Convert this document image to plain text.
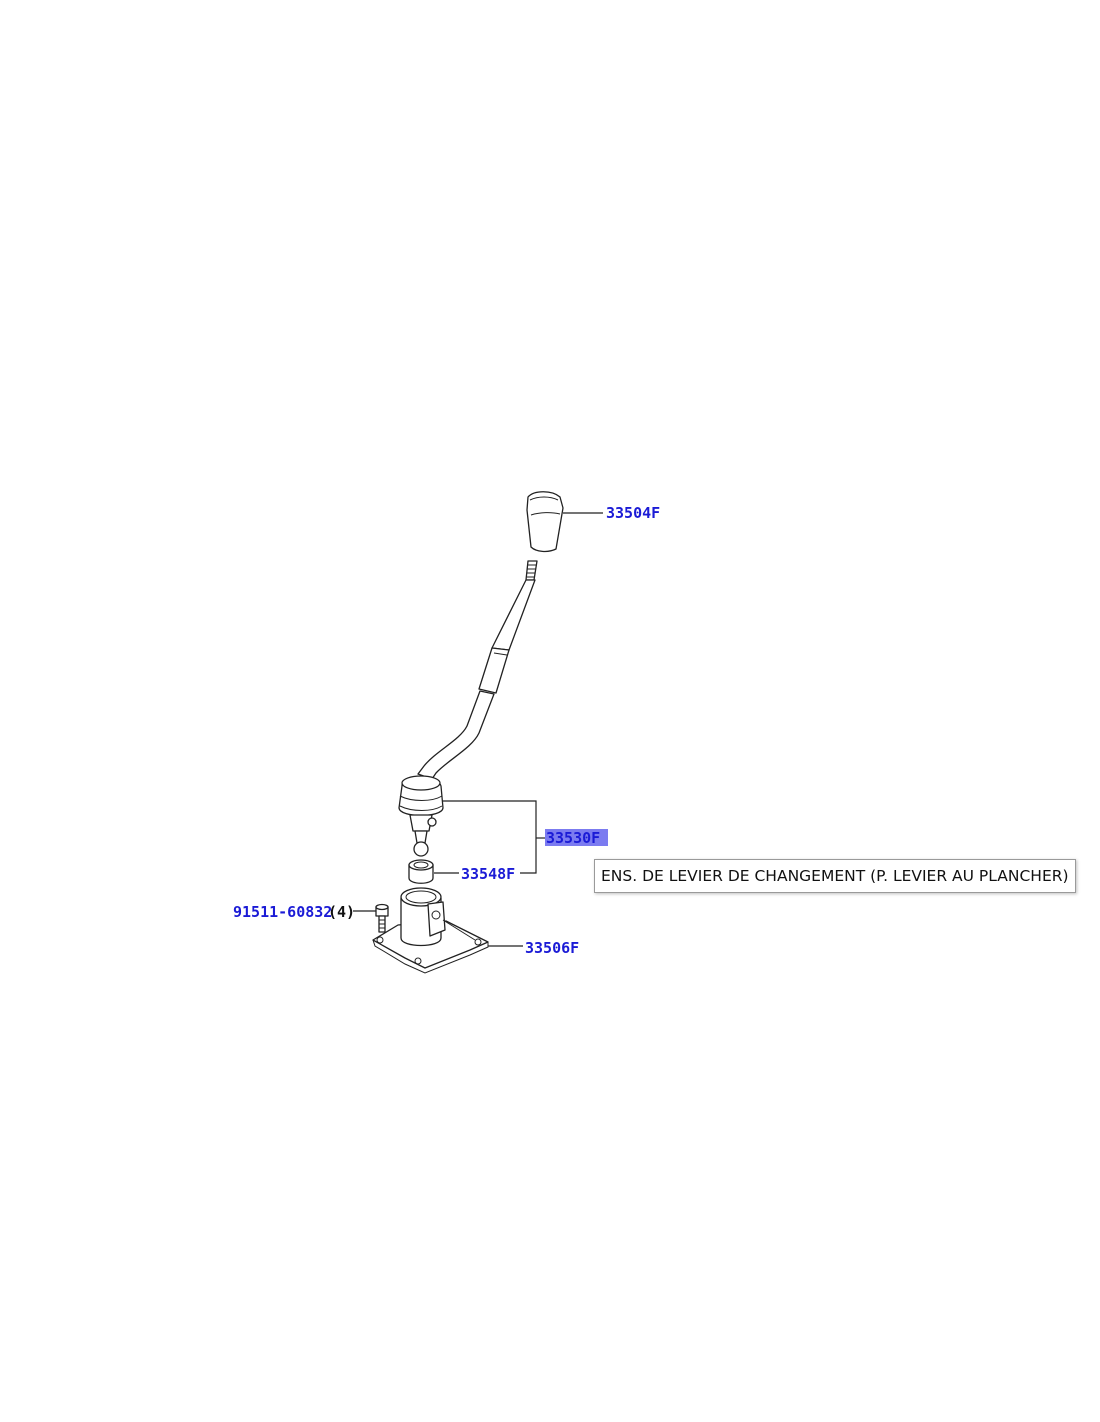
33504F
33530F
33548F
33506F
91511-60832
(4)
ENS. DE LEVIER DE CHANGEMENT (P. LEVIER AU PLANCHER)
